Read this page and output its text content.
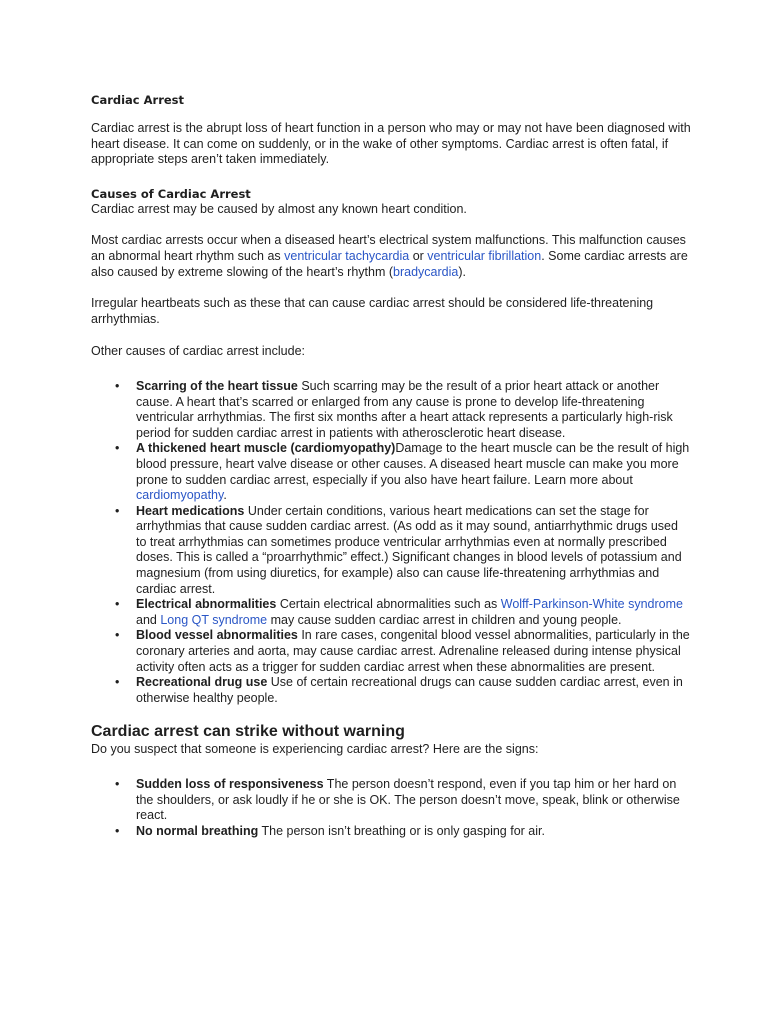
Cardiac Arrest

Cardiac arrest is the abrupt loss of heart function in a person who may or may not have been diagnosed with heart disease. It can come on suddenly, or in the wake of other symptoms. Cardiac arrest is often fatal, if appropriate steps aren’t taken immediately.

Causes of Cardiac Arrest

Cardiac arrest may be caused by almost any known heart condition.

Most cardiac arrests occur when a diseased heart’s electrical system malfunctions. This malfunction causes an abnormal heart rhythm such as ventricular tachycardia or ventricular fibrillation. Some cardiac arrests are also caused by extreme slowing of the heart’s rhythm (bradycardia).

Irregular heartbeats such as these that can cause cardiac arrest should be considered life-threatening arrhythmias.

Other causes of cardiac arrest include:

• Scarring of the heart tissue Such scarring may be the result of a prior heart attack or another cause. A heart that’s scarred or enlarged from any cause is prone to develop life-threatening ventricular arrhythmias. The first six months after a heart attack represents a particularly high-risk period for sudden cardiac arrest in patients with atherosclerotic heart disease.
• A thickened heart muscle (cardiomyopathy)Damage to the heart muscle can be the result of high blood pressure, heart valve disease or other causes. A diseased heart muscle can make you more prone to sudden cardiac arrest, especially if you also have heart failure. Learn more about cardiomyopathy.
• Heart medications Under certain conditions, various heart medications can set the stage for arrhythmias that cause sudden cardiac arrest. (As odd as it may sound, antiarrhythmic drugs used to treat arrhythmias can sometimes produce ventricular arrhythmias even at normally prescribed doses. This is called a “proarrhythmic” effect.) Significant changes in blood levels of potassium and magnesium (from using diuretics, for example) also can cause life-threatening arrhythmias and cardiac arrest.
• Electrical abnormalities Certain electrical abnormalities such as Wolff-Parkinson-White syndrome and Long QT syndrome may cause sudden cardiac arrest in children and young people.
• Blood vessel abnormalities In rare cases, congenital blood vessel abnormalities, particularly in the coronary arteries and aorta, may cause cardiac arrest. Adrenaline released during intense physical activity often acts as a trigger for sudden cardiac arrest when these abnormalities are present.
• Recreational drug use Use of certain recreational drugs can cause sudden cardiac arrest, even in otherwise healthy people.
Cardiac arrest can strike without warning

Do you suspect that someone is experiencing cardiac arrest? Here are the signs:

• Sudden loss of responsiveness The person doesn’t respond, even if you tap him or her hard on the shoulders, or ask loudly if he or she is OK. The person doesn’t move, speak, blink or otherwise react.
• No normal breathing The person isn’t breathing or is only gasping for air.
